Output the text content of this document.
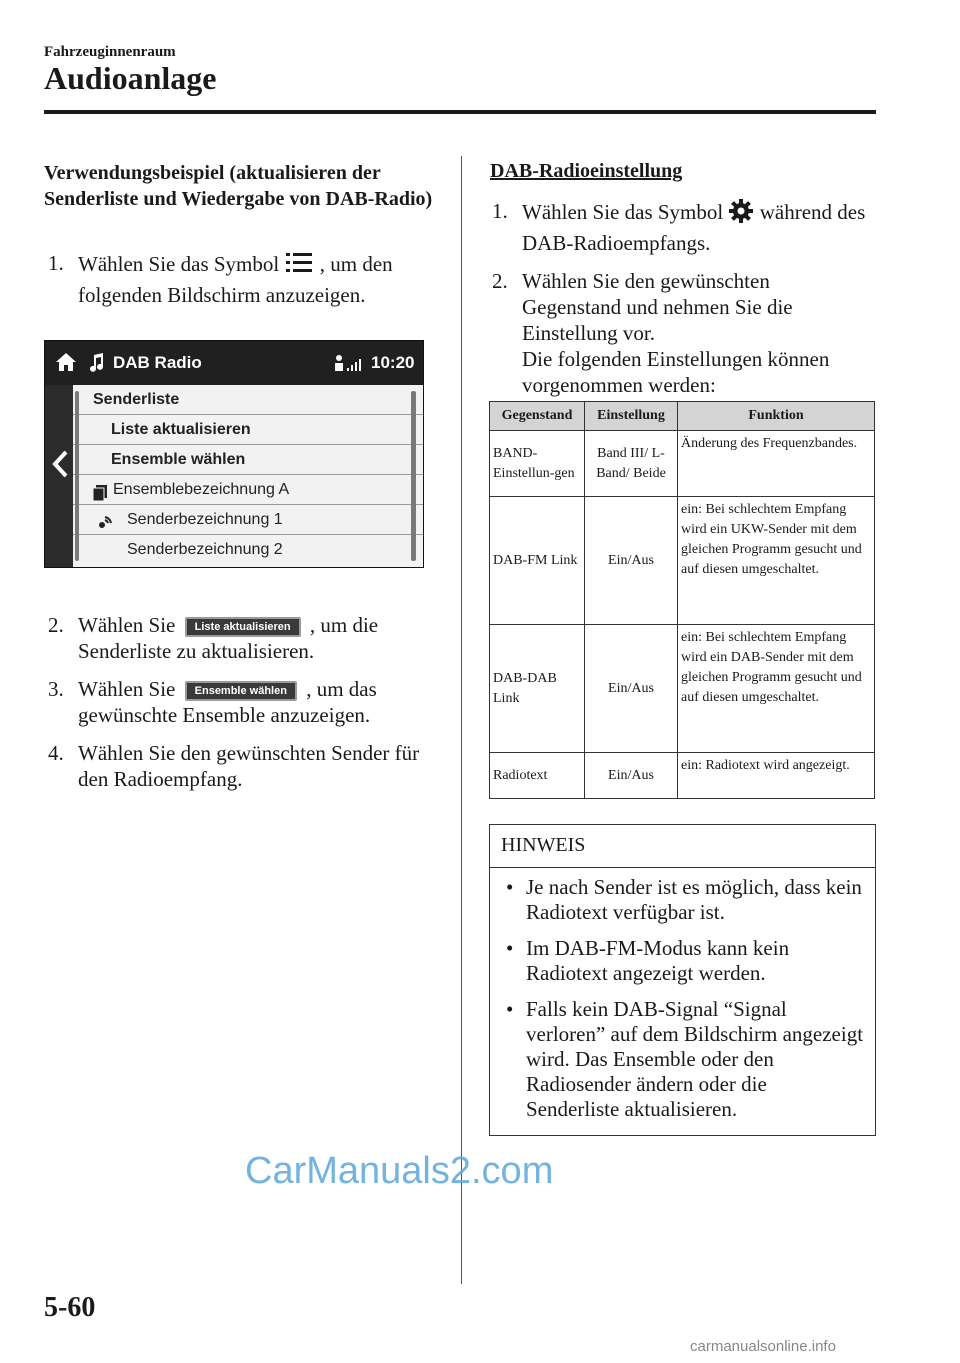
Fahrzeuginnenraum
Audioanlage
Verwendungsbeispiel (aktualisieren der Senderliste und Wiedergabe von DAB-Radio)
1. Wählen Sie das Symbol , um den folgenden Bildschirm anzuzeigen.
DAB Radio	10:20
Senderliste
Liste aktualisieren
Ensemble wählen
Ensemblebezeichnung A
Senderbezeichnung 1
Senderbezeichnung 2
2. Wählen Sie Liste aktualisieren , um die Senderliste zu aktualisieren.
3. Wählen Sie Ensemble wählen , um das gewünschte Ensemble anzuzeigen.
4. Wählen Sie den gewünschten Sender für den Radioempfang.
DAB-Radioeinstellung
1. Wählen Sie das Symbol während des DAB-Radioempfangs.
2. Wählen Sie den gewünschten Gegenstand und nehmen Sie die Einstellung vor.
Die folgenden Einstellungen können vorgenommen werden:
Gegenstand	Einstellung	Funktion
BAND-Einstellun-gen	Band III/ L-Band/ Beide	Änderung des Frequenzbandes.
DAB-FM Link	Ein/Aus	ein: Bei schlechtem Empfang wird ein UKW-Sender mit dem gleichen Programm gesucht und auf diesen umgeschaltet.
DAB-DAB Link	Ein/Aus	ein: Bei schlechtem Empfang wird ein DAB-Sender mit dem gleichen Programm gesucht und auf diesen umgeschaltet.
Radiotext	Ein/Aus	ein: Radiotext wird angezeigt.
HINWEIS
• Je nach Sender ist es möglich, dass kein Radiotext verfügbar ist.
• Im DAB-FM-Modus kann kein Radiotext angezeigt werden.
• Falls kein DAB-Signal “Signal verloren” auf dem Bildschirm angezeigt wird. Das Ensemble oder den Radiosender ändern oder die Senderliste aktualisieren.
5-60
CarManuals2.com
carmanualsonline.info
